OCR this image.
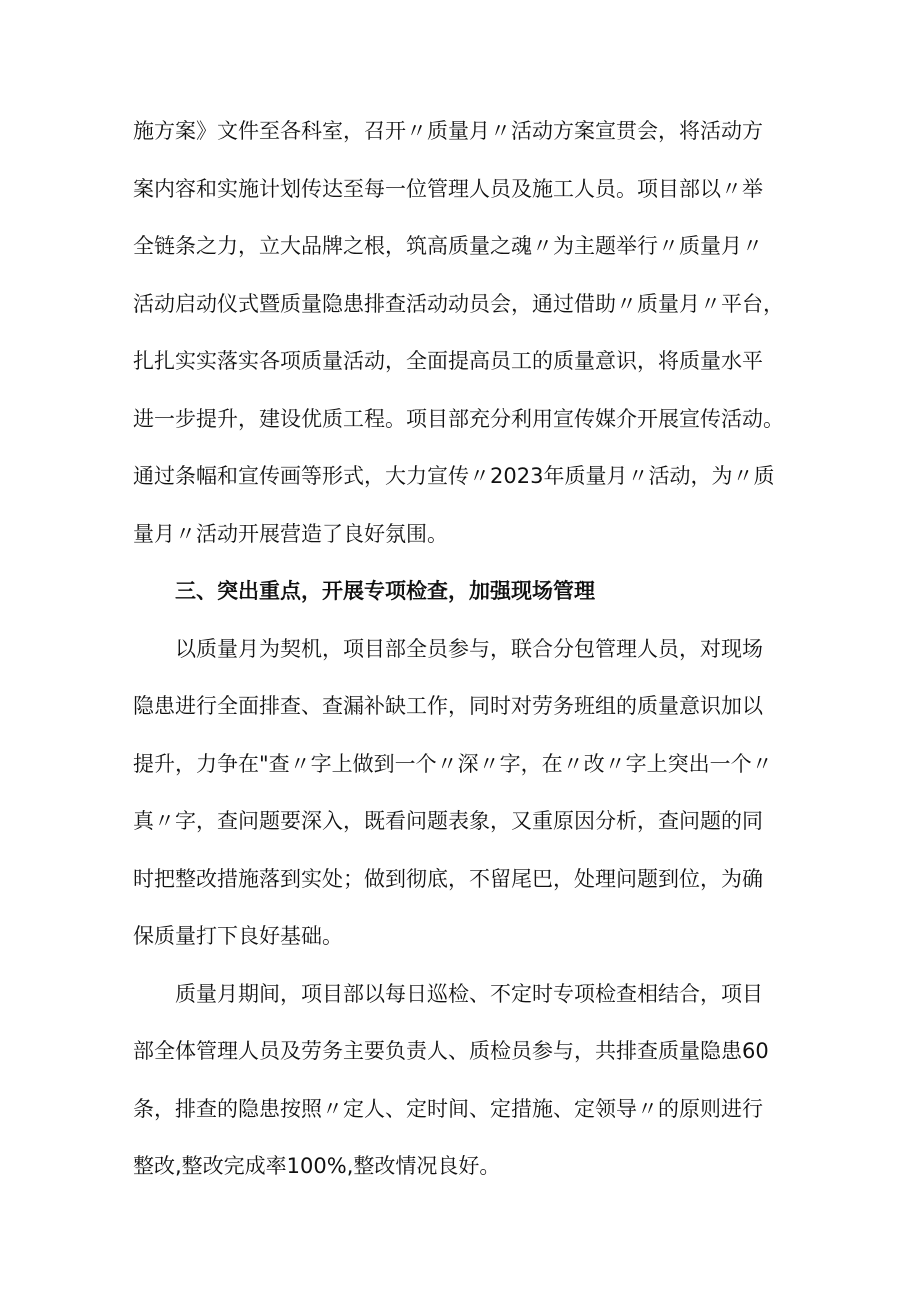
施方案》文件至各科室，召开〃质量月〃活动方案宣贯会，将活动方
案内容和实施计划传达至每一位管理人员及施工人员。项目部以〃举
全链条之力，立大品牌之根，筑高质量之魂〃为主题举行〃质量月〃
活动启动仪式暨质量隐患排查活动动员会，通过借助〃质量月〃平台，
扎扎实实落实各项质量活动，全面提高员工的质量意识，将质量水平
进一步提升，建设优质工程。项目部充分利用宣传媒介开展宣传活动。
通过条幅和宣传画等形式，大力宣传〃2023年质量月〃活动，为〃质
量月〃活动开展营造了良好氛围。
三、突出重点，开展专项检查，加强现场管理
以质量月为契机，项目部全员参与，联合分包管理人员，对现场
隐患进行全面排查、查漏补缺工作，同时对劳务班组的质量意识加以
提升，力争在"查〃字上做到一个〃深〃字，在〃改〃字上突出一个〃
真〃字，查问题要深入，既看问题表象，又重原因分析，查问题的同
时把整改措施落到实处；做到彻底，不留尾巴，处理问题到位，为确
保质量打下良好基础。
质量月期间，项目部以每日巡检、不定时专项检查相结合，项目
部全体管理人员及劳务主要负责人、质检员参与，共排查质量隐患60
条，排查的隐患按照〃定人、定时间、定措施、定领导〃的原则进行
整改,整改完成率100%,整改情况良好。
